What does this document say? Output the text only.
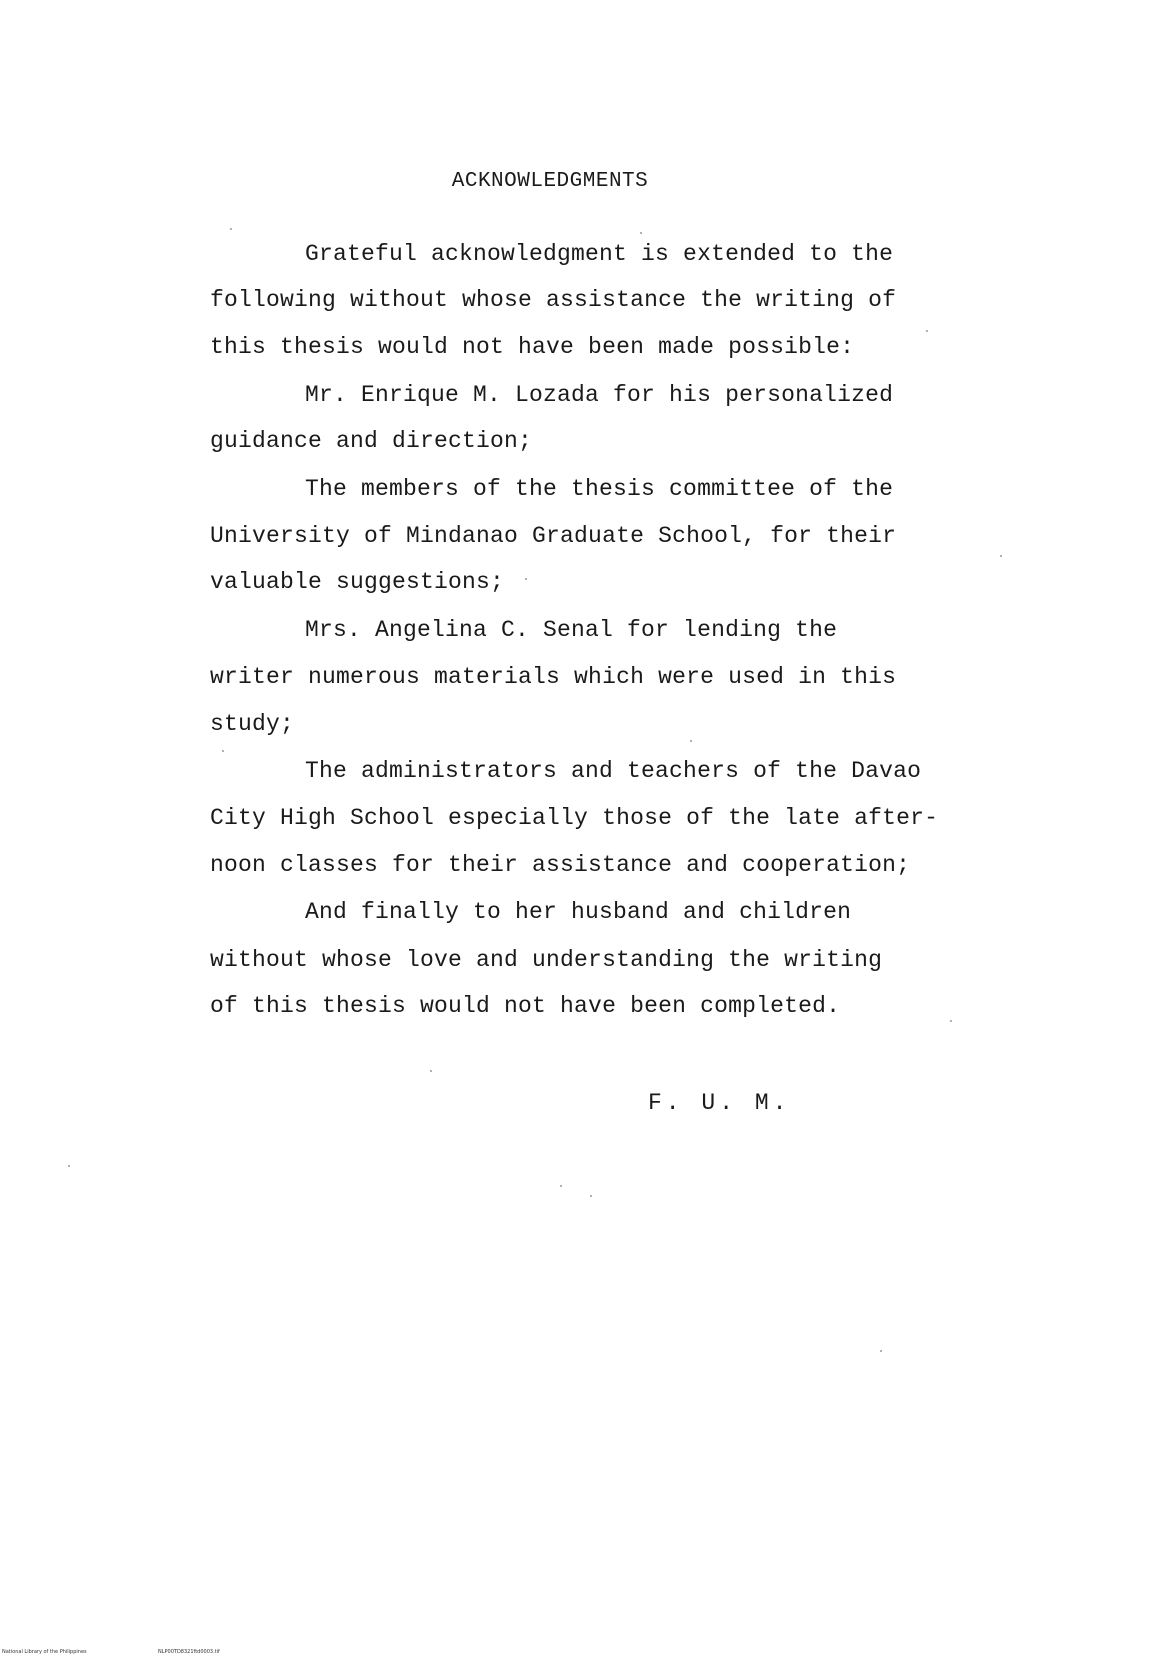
ACKNOWLEDGMENTS
Grateful acknowledgment is extended to the
following without whose assistance the writing of
this thesis would not have been made possible:
Mr. Enrique M. Lozada for his personalized
guidance and direction;
The members of the thesis committee of the
University of Mindanao Graduate School, for their
valuable suggestions;
Mrs. Angelina C. Senal for lending the
writer numerous materials which were used in this
study;
The administrators and teachers of the Davao
City High School especially those of the late after-
noon classes for their assistance and cooperation;
And finally to her husband and children
without whose love and understanding the writing
of this thesis would not have been completed.
F. U. M.
National Library of the Philippines	NLP00TD8321ftd0003.tif
